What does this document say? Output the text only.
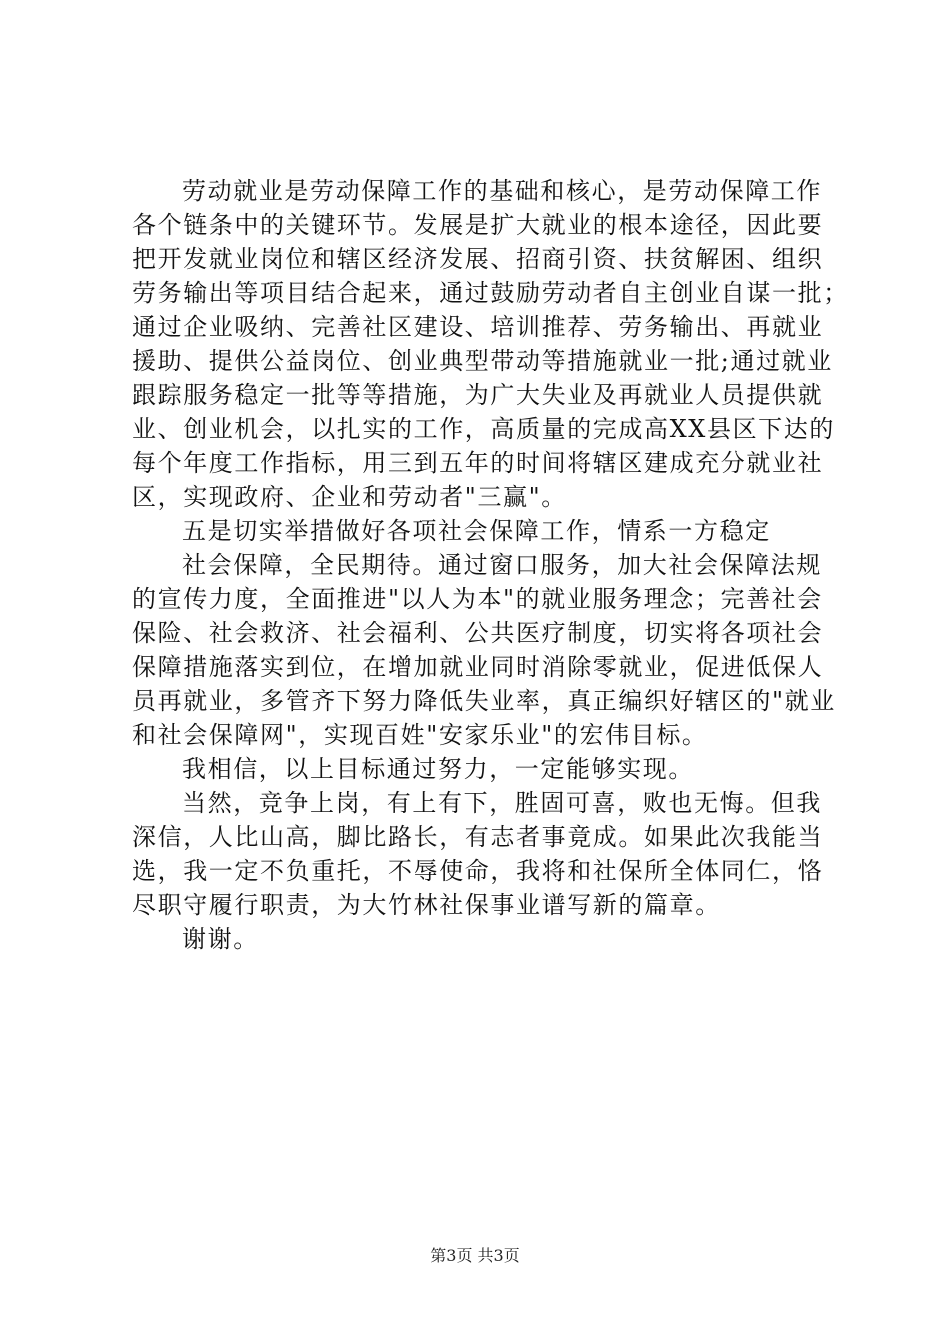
劳动就业是劳动保障工作的基础和核心，是劳动保障工作
各个链条中的关键环节。发展是扩大就业的根本途径，因此要
把开发就业岗位和辖区经济发展、招商引资、扶贫解困、组织
劳务输出等项目结合起来，通过鼓励劳动者自主创业自谋一批；
通过企业吸纳、完善社区建设、培训推荐、劳务输出、再就业
援助、提供公益岗位、创业典型带动等措施就业一批;通过就业
跟踪服务稳定一批等等措施，为广大失业及再就业人员提供就
业、创业机会，以扎实的工作，高质量的完成高XX县区下达的
每个年度工作指标，用三到五年的时间将辖区建成充分就业社
区，实现政府、企业和劳动者"三赢"。
五是切实举措做好各项社会保障工作，情系一方稳定
社会保障，全民期待。通过窗口服务，加大社会保障法规
的宣传力度，全面推进"以人为本"的就业服务理念；完善社会
保险、社会救济、社会福利、公共医疗制度，切实将各项社会
保障措施落实到位，在增加就业同时消除零就业，促进低保人
员再就业，多管齐下努力降低失业率，真正编织好辖区的"就业
和社会保障网"，实现百姓"安家乐业"的宏伟目标。
我相信，以上目标通过努力，一定能够实现。
当然，竞争上岗，有上有下，胜固可喜，败也无悔。但我
深信，人比山高，脚比路长，有志者事竟成。如果此次我能当
选，我一定不负重托，不辱使命，我将和社保所全体同仁，恪
尽职守履行职责，为大竹林社保事业谱写新的篇章。
谢谢。
第3页 共3页
